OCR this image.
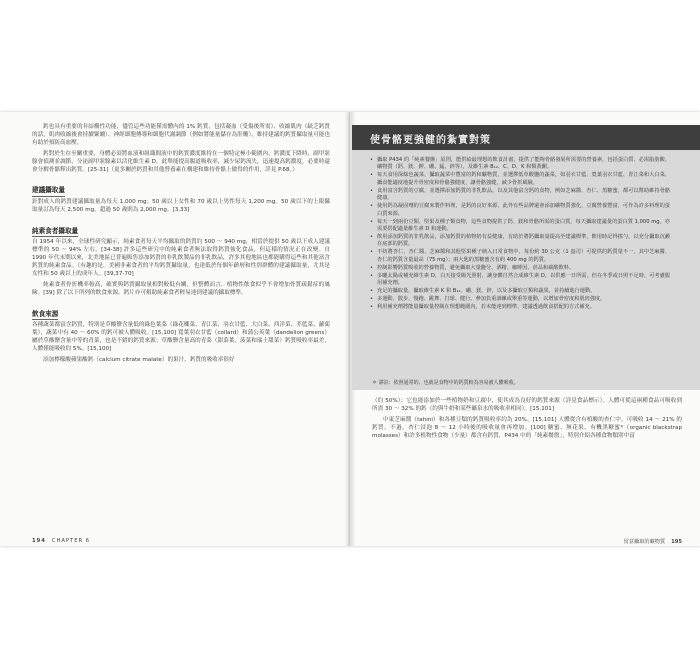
鈣也具有重要的非結構性功能，儘管這些功能僅需體內的 1% 鈣質，包括凝血（受傷後所需）、收縮肌肉（缺乏鈣質的話，肌肉收縮後會持續緊繃）、神經細胞傳導和細胞代謝調節（例如將能量儲存為肝醣），維持建議的鈣質攝取量可能也有助於預防高血壓。

鈣對於生存至關重要，身體必須將血液和組織間液中的鈣質濃度維持在一個特定極小範圍內，鈣濃度下降時，副甲狀腺會偵測並調節，分泌副甲狀腺素以活化維生素 D，此舉能提高腸道吸收率，減少尿鈣流失，迅速提高鈣濃度，必要時還會分解骨骼釋出鈣質。[25-31]（更多關於鈣質和其他營養素在構建和維持骨骼上做得的作用，詳見 P.68。）

建議攝取量

針對成人的鈣質建議攝取量為每天 1,000 mg；50 歲以上女性和 70 歲以上男性每天 1,200 mg。50 歲以下的上限攝取量訂為每天 2,500 mg，超過 50 歲則為 2,000 mg。[3,33]

純素食者攝取量

自 1954 年以來，全球性研究顯示，純素食者每天平均攝取的鈣質約 500 ～ 940 mg，相當於提供 50 歲以下成人建議標準的 50 ～ 94% 左右。[34-38] 許多這些研究中的純素食者無法取得鈣質強化食品，但這樣的情況正在改變。自 1990 年代末期以來，北美地區已普遍販售添加鈣質的非乳飲製品的非乳飲品，許多其他地區也都能購得這些和其他富含鈣質的純素食品。（有趣的是，美國非素食者的平均鈣質攝取量，也達低於每個年齡層和性別群體的建議攝取量，尤其是女性和 50 歲以上的成年人。[39,37-70]

純素食者骨折機率較高，確實與鈣質攝取量相對較低有關，但整體而言，植物性飲食似乎不會增加骨質疏鬆症的風險。[39] 除了以下所列的飲食來源，鈣片亦可幫助純素食者輕易達到建議的攝取標準。

飲食來源

各種蔬菜都富含鈣質，特別是草酸鹽含量低的綠色葉菜（綠花椰菜、青江菜、羽衣甘藍、大白菜、西洋菜、芥藍菜、蘿蔔葉），蔬菜中有 40 ～ 60% 的鈣可被人體吸收。[15,100] 寬葉羽衣甘藍（collard）和蒲公英葉（dandelion greens）屬於草酸鹽含量中等的青菜，也是不錯的鈣質來源；草酸鹽含量高的青菜（甜菜葉、菠菜和瑞士甜菜）鈣質吸收率最差，人體僅能吸收約 5%。[15,100]

添加檸檬酸蘋果酸鈣（calcium citrate malate）的果汁，鈣質的吸收率很好

194 CHAPTER 6
使骨骼更強健的紮實對策
• 攝取 P434 的「純素餐盤」原則，能供給最理想的飲食計畫，提供了能夠骨骼發展所需要的營養素，包括蛋白質、必需脂肪酸、礦物質（鈣、鎂、鉀、硼、錳、鋅等），及維生素 B₁₂、C、D、K 和類黃酮。
• 每天食用深綠色蔬菜，攝取蔬菜中豐富的鈣和礦物質，並選擇低草酸鹽的蔬菜，如羽衣甘藍、寬葉羽衣甘藍、青江菜和大白菜。攝食能適度地提升骨密度和骨骼強健度，讓骨骼強健，減少骨折風險。
• 食用富含鈣質的豆腐，並選擇添加鈣質的非乳飲品，以及其他富含鈣的食物，例如芝麻醬、杏仁、黑糖蜜，都可以幫助維持骨骼健康。
• 使用鈣為凝固劑的豆腐來製作料理，是鈣的良好來源，此外有些品牌還會添加礦物質強化，豆腐營養豐富，可作為許多料理的蛋白質來源。
• 每天一到兩份豆類、堅果及種子類食物，這些食物提供了鈣、鎂和骨骼所需的蛋白質。每天攝取建議量的蛋白質 1,000 mg，亦需要搭配適量維生素 D 和運動。
• 飲用添加鈣質的非乳飲品，添加鈣質的植物奶有益健康，有助於將鈣攝取量提高至建議標準，飲用時記得搖勻，以充分攝取沉澱在底部的鈣質。
• 不妨將杏仁、杏仁醬、芝麻醬和其他堅果種子納入日常食物中，每份約 30 公克（1 盎司）可提供的鈣質量不一，其中芝麻醬、杏仁的鈣質含量最高（75 mg）；兩大匙的黑糖蜜含有約 400 mg 的鈣質。
• 控制影響鈣質吸收的營養物質，避免攝取大量鹽分、酒精、咖啡因、菸品和碳酸飲料。
• 多曬太陽或補充維生素 D，白天接受陽光照射，讓身體自然合成維生素 D，以供應一日所需，但在冬季或日照不足時，可考慮服用補充劑。
• 充足的攝取量，攝取維生素 K 和 B₁₂、硼、鎂、鋅，以及多攝取豆類和蔬果，並持續進行運動。
• 多運動，散步、慢跑、跳舞、打球、健行，參加負重訓練或舉重等運動，以增加骨密度和肌肉強度。
• 利用補充劑將能量攝取量控制在理想範圍內，若未能達到標準，建議透過飲食搭配的方式補充。
＊ 譯註：依照通常的、也就是食物中的鈣質較為容易被人體吸收。

（約 50%）；它也能添加於一些植物奶和豆腐中，使其成為良好的鈣質來源（詳見食品標示）。人體可從這兩種食品可吸收到所需 30 ～ 32% 的鈣（約與牛奶和某些礦泉水的吸收率相同）。[15,101]

中東芝麻醬（tahini）和各種豆類的鈣質吸收率約為 20%。[15,101] 人體從含有植酸的杏仁中，可吸收 14 ～ 21% 的鈣質，不過，杏仁浸泡 8 ～ 12 小時後的吸收量會再增加。[100] 糖蜜、無花果、有機黑糖蜜*（organic blackstrap molasses）和許多植物性食物（少量）都含有鈣質，P434 中的「純素餐盤」，特別介紹各種食物類別中富

留意攝取的礦物質 195
